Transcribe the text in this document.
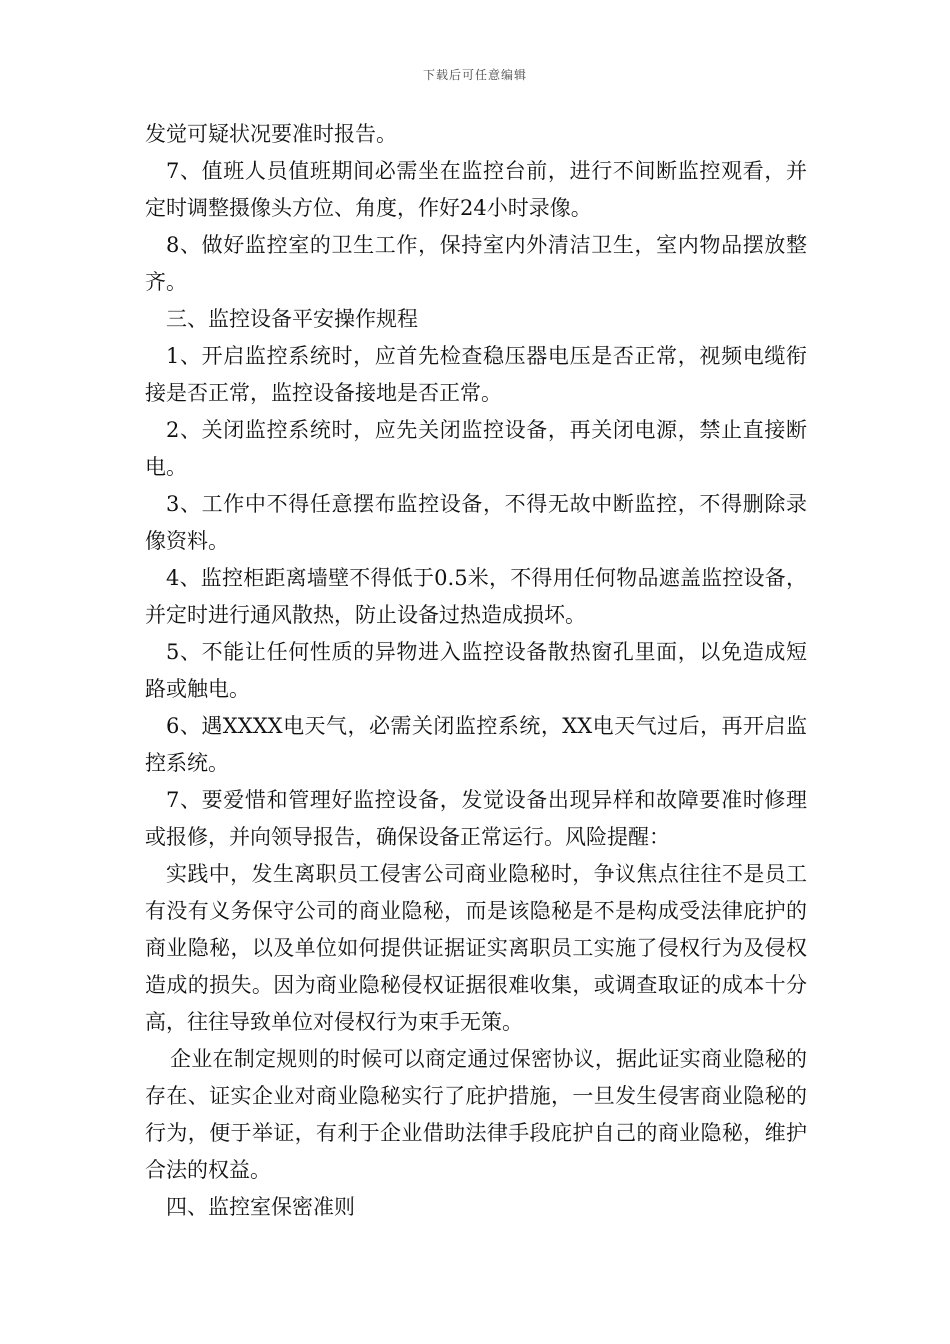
下载后可任意编辑

发觉可疑状况要准时报告。

7、值班人员值班期间必需坐在监控台前，进行不间断监控观看，并定时调整摄像头方位、角度，作好24小时录像。

8、做好监控室的卫生工作，保持室内外清洁卫生，室内物品摆放整齐。

三、监控设备平安操作规程

1、开启监控系统时，应首先检查稳压器电压是否正常，视频电缆衔接是否正常，监控设备接地是否正常。

2、关闭监控系统时，应先关闭监控设备，再关闭电源，禁止直接断电。

3、工作中不得任意摆布监控设备，不得无故中断监控，不得删除录像资料。

4、监控柜距离墙壁不得低于0.5米，不得用任何物品遮盖监控设备，并定时进行通风散热，防止设备过热造成损坏。

5、不能让任何性质的异物进入监控设备散热窗孔里面，以免造成短路或触电。

6、遇XXXX电天气，必需关闭监控系统，XX电天气过后，再开启监控系统。

7、要爱惜和管理好监控设备，发觉设备出现异样和故障要准时修理或报修，并向领导报告，确保设备正常运行。风险提醒：

实践中，发生离职员工侵害公司商业隐秘时，争议焦点往往不是员工有没有义务保守公司的商业隐秘，而是该隐秘是不是构成受法律庇护的商业隐秘，以及单位如何提供证据证实离职员工实施了侵权行为及侵权造成的损失。因为商业隐秘侵权证据很难收集，或调查取证的成本十分高，往往导致单位对侵权行为束手无策。

企业在制定规则的时候可以商定通过保密协议，据此证实商业隐秘的存在、证实企业对商业隐秘实行了庇护措施，一旦发生侵害商业隐秘的行为，便于举证，有利于企业借助法律手段庇护自己的商业隐秘，维护合法的权益。

四、监控室保密准则
